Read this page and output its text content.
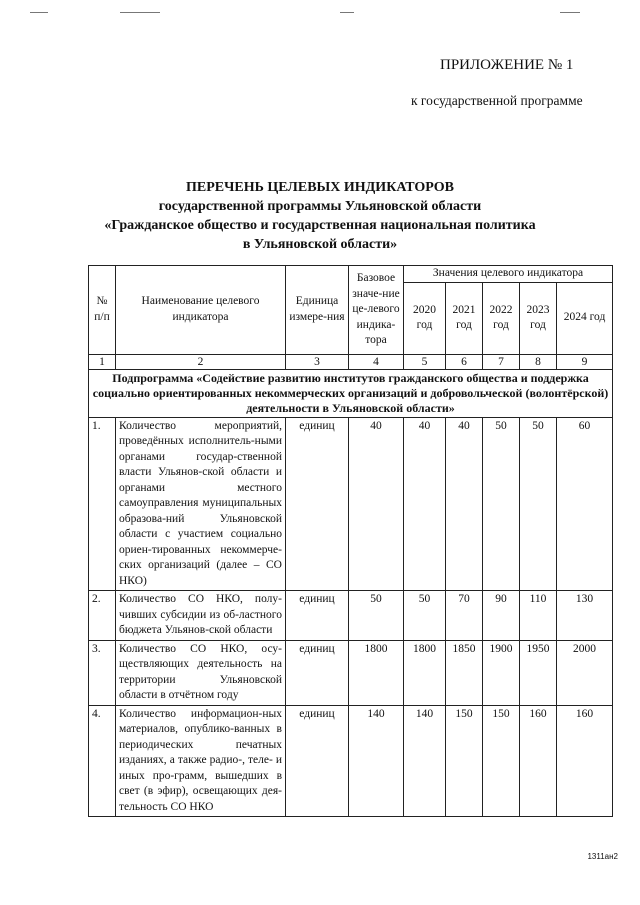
ПРИЛОЖЕНИЕ № 1
к государственной программе
ПЕРЕЧЕНЬ ЦЕЛЕВЫХ ИНДИКАТОРОВ
государственной программы Ульяновской области
«Гражданское общество и государственная национальная политика
в Ульяновской области»
№ п/п	Наименование целевого индикатора	Единица измере-ния	Базовое значе-ние це-левого индика-тора	Значения целевого индикатора				
				2020 год	2021 год	2022 год	2023 год	2024 год
1	2	3	4	5	6	7	8	9
Подпрограмма «Содействие развитию институтов гражданского общества и поддержка социально ориентированных некоммерческих организаций и добровольческой (волонтёрской) деятельности в Ульяновской области»								
1.	Количество мероприятий, проведённых исполнитель-ными органами государ-ственной власти Ульянов-ской области и органами местного самоуправления муниципальных образова-ний Ульяновской области с участием социально ориен-тированных некоммерче-ских организаций (далее – СО НКО)	единиц	40	40	40	50	50	60
2.	Количество СО НКО, полу-чивших субсидии из об-ластного бюджета Ульянов-ской области	единиц	50	50	70	90	110	130
3.	Количество СО НКО, осу-ществляющих деятельность на территории Ульяновской области в отчётном году	единиц	1800	1800	1850	1900	1950	2000
4.	Количество информацион-ных материалов, опублико-ванных в периодических печатных изданиях, а также радио-, теле- и иных про-грамм, вышедших в свет (в эфир), освещающих дея-тельность СО НКО	единиц	140	140	150	150	160	160
1311ан2
